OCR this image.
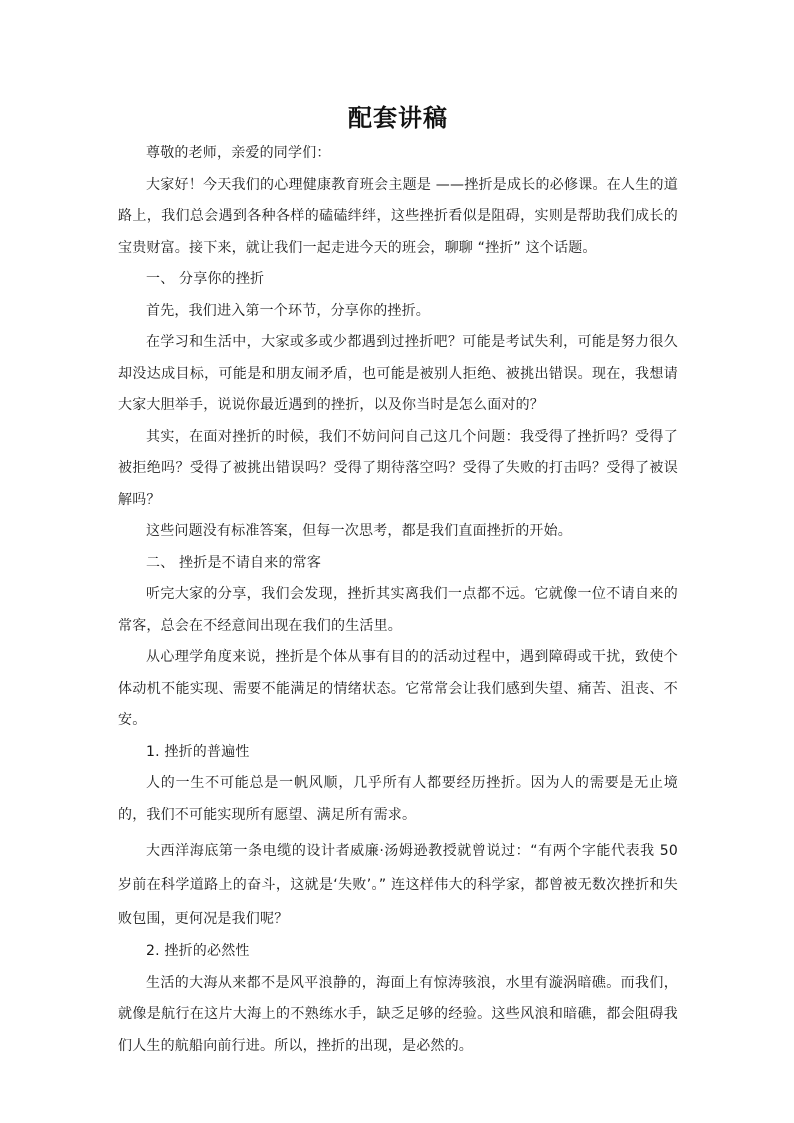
配套讲稿

尊敬的老师，亲爱的同学们：

大家好！今天我们的心理健康教育班会主题是 ——挫折是成长的必修课。在人生的道路上，我们总会遇到各种各样的磕磕绊绊，这些挫折看似是阻碍，实则是帮助我们成长的宝贵财富。接下来，就让我们一起走进今天的班会，聊聊 “挫折” 这个话题。

一、 分享你的挫折

首先，我们进入第一个环节，分享你的挫折。

在学习和生活中，大家或多或少都遇到过挫折吧？可能是考试失利，可能是努力很久却没达成目标，可能是和朋友闹矛盾，也可能是被别人拒绝、被挑出错误。现在，我想请大家大胆举手，说说你最近遇到的挫折，以及你当时是怎么面对的？

其实，在面对挫折的时候，我们不妨问问自己这几个问题：我受得了挫折吗？受得了被拒绝吗？受得了被挑出错误吗？受得了期待落空吗？受得了失败的打击吗？受得了被误解吗？

这些问题没有标准答案，但每一次思考，都是我们直面挫折的开始。

二、 挫折是不请自来的常客

听完大家的分享，我们会发现，挫折其实离我们一点都不远。它就像一位不请自来的常客，总会在不经意间出现在我们的生活里。

从心理学角度来说，挫折是个体从事有目的的活动过程中，遇到障碍或干扰，致使个体动机不能实现、需要不能满足的情绪状态。它常常会让我们感到失望、痛苦、沮丧、不安。

1. 挫折的普遍性

人的一生不可能总是一帆风顺，几乎所有人都要经历挫折。因为人的需要是无止境的，我们不可能实现所有愿望、满足所有需求。

大西洋海底第一条电缆的设计者威廉·汤姆逊教授就曾说过：“有两个字能代表我 50 岁前在科学道路上的奋斗，这就是‘失败’。” 连这样伟大的科学家，都曾被无数次挫折和失败包围，更何况是我们呢？

2. 挫折的必然性

生活的大海从来都不是风平浪静的，海面上有惊涛骇浪，水里有漩涡暗礁。而我们，就像是航行在这片大海上的不熟练水手，缺乏足够的经验。这些风浪和暗礁，都会阻碍我们人生的航船向前行进。所以，挫折的出现，是必然的。
